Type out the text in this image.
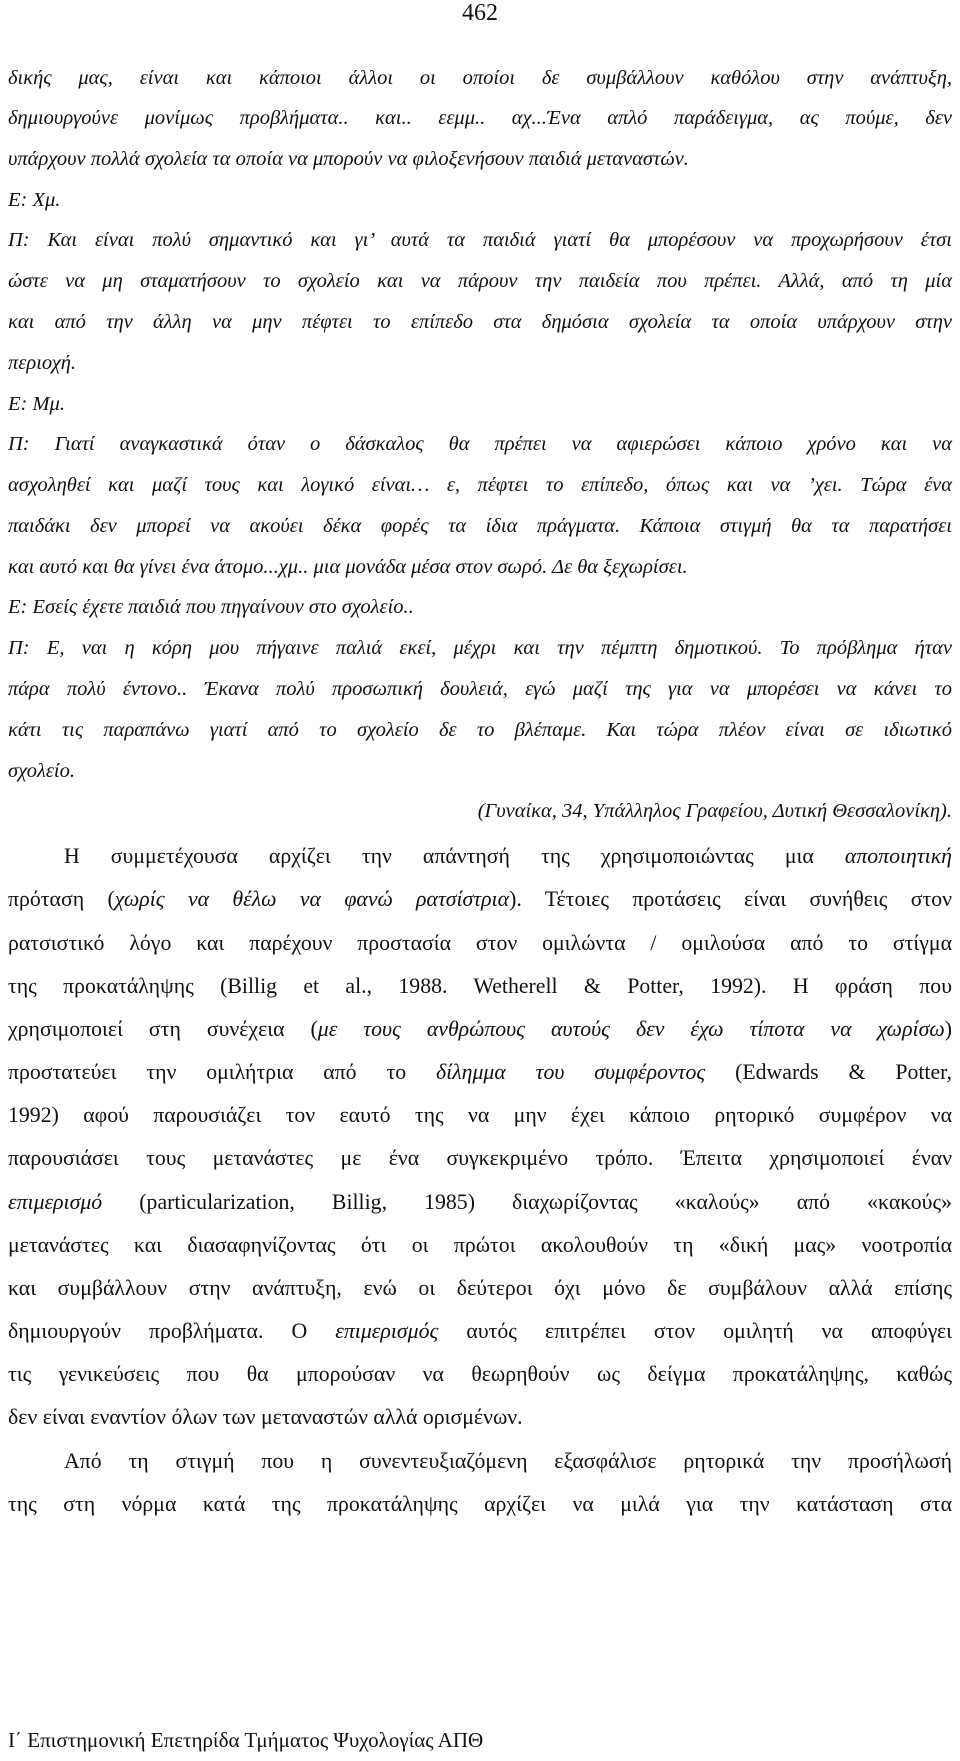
462

δικής μας, είναι και κάποιοι άλλοι οι οποίοι δε συμβάλλουν καθόλου στην ανάπτυξη,

δημιουργούνε μονίμως προβλήματα.. και.. εεμμ.. αχ...Ένα απλό παράδειγμα, ας πούμε, δεν

υπάρχουν πολλά σχολεία τα οποία να μπορούν να φιλοξενήσουν παιδιά μεταναστών.

Ε: Χμ.

Π: Και είναι πολύ σημαντικό και γι’ αυτά τα παιδιά γιατί θα μπορέσουν να προχωρήσουν έτσι

ώστε να μη σταματήσουν το σχολείο και να πάρουν την παιδεία που πρέπει. Αλλά, από τη μία

και από την άλλη να μην πέφτει το επίπεδο στα δημόσια σχολεία τα οποία υπάρχουν στην

περιοχή.

Ε: Μμ.

Π: Γιατί αναγκαστικά όταν ο δάσκαλος θα πρέπει να αφιερώσει κάποιο χρόνο και να

ασχοληθεί και μαζί τους και λογικό είναι… ε, πέφτει το επίπεδο, όπως και να ’χει. Τώρα ένα

παιδάκι δεν μπορεί να ακούει δέκα φορές τα ίδια πράγματα. Κάποια στιγμή θα τα παρατήσει

και αυτό και θα γίνει ένα άτομο...χμ.. μια μονάδα μέσα στον σωρό. Δε θα ξεχωρίσει.

Ε: Εσείς έχετε παιδιά που πηγαίνουν στο σχολείο..

Π: Ε, ναι η κόρη μου πήγαινε παλιά εκεί, μέχρι και την πέμπτη δημοτικού. Το πρόβλημα ήταν

πάρα πολύ έντονο.. Έκανα πολύ προσωπική δουλειά, εγώ μαζί της για να μπορέσει να κάνει το

κάτι τις παραπάνω γιατί από το σχολείο δε το βλέπαμε. Και τώρα πλέον είναι σε ιδιωτικό

σχολείο.

(Γυναίκα, 34, Υπάλληλος Γραφείου, Δυτική Θεσσαλονίκη).

Η συμμετέχουσα αρχίζει την απάντησή της χρησιμοποιώντας μια αποποιητική

πρόταση (χωρίς να θέλω να φανώ ρατσίστρια). Τέτοιες προτάσεις είναι συνήθεις στον

ρατσιστικό λόγο και παρέχουν προστασία στον ομιλώντα / ομιλούσα από το στίγμα

της προκατάληψης (Billig et al., 1988. Wetherell & Potter, 1992). Η φράση που

χρησιμοποιεί στη συνέχεια (με τους ανθρώπους αυτούς δεν έχω τίποτα να χωρίσω)

προστατεύει την ομιλήτρια από το δίλημμα του συμφέροντος (Edwards & Potter,

1992) αφού παρουσιάζει τον εαυτό της να μην έχει κάποιο ρητορικό συμφέρον να

παρουσιάσει τους μετανάστες με ένα συγκεκριμένο τρόπο. Έπειτα χρησιμοποιεί έναν

επιμερισμό (particularization, Billig, 1985) διαχωρίζοντας «καλούς» από «κακούς»

μετανάστες και διασαφηνίζοντας ότι οι πρώτοι ακολουθούν τη «δική μας» νοοτροπία

και συμβάλλουν στην ανάπτυξη, ενώ οι δεύτεροι όχι μόνο δε συμβάλουν αλλά επίσης

δημιουργούν προβλήματα. Ο επιμερισμός αυτός επιτρέπει στον ομιλητή να αποφύγει

τις γενικεύσεις που θα μπορούσαν να θεωρηθούν ως δείγμα προκατάληψης, καθώς

δεν είναι εναντίον όλων των μεταναστών αλλά ορισμένων.

Από τη στιγμή που η συνεντευξιαζόμενη εξασφάλισε ρητορικά την προσήλωσή

της στη νόρμα κατά της προκατάληψης αρχίζει να μιλά για την κατάσταση στα

Ι΄ Επιστημονική Επετηρίδα Τμήματος Ψυχολογίας ΑΠΘ
